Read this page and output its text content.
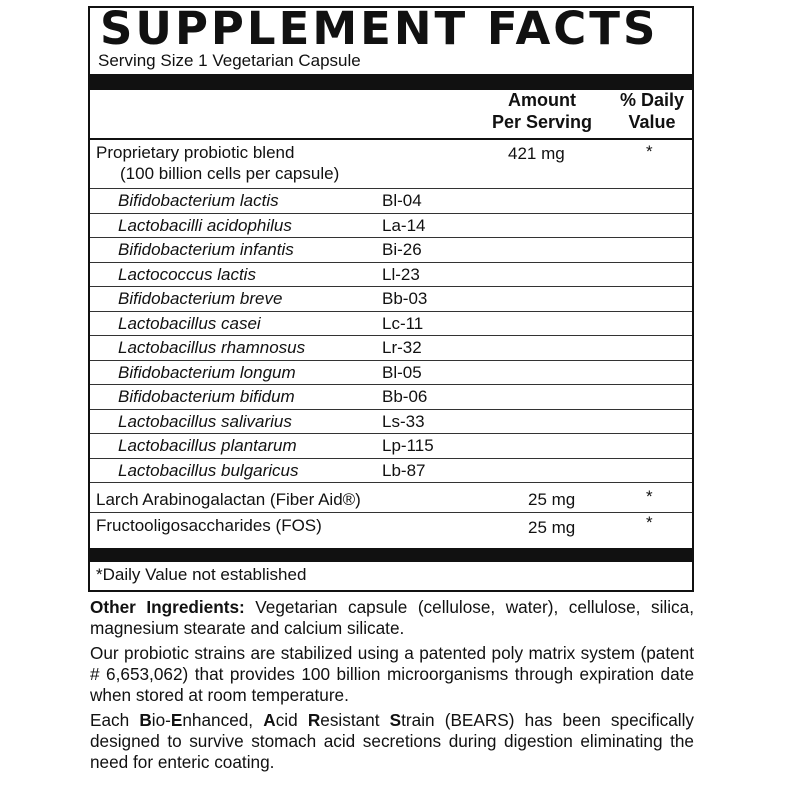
SUPPLEMENT FACTS
Serving Size 1 Vegetarian Capsule
Amount
Per Serving
% Daily
Value
Proprietary probiotic blend
(100 billion cells per capsule)
421 mg	*
Bifidobacterium lactis	Bl-04
Lactobacilli acidophilus	La-14
Bifidobacterium infantis	Bi-26
Lactococcus lactis	Ll-23
Bifidobacterium breve	Bb-03
Lactobacillus casei	Lc-11
Lactobacillus rhamnosus	Lr-32
Bifidobacterium longum	Bl-05
Bifidobacterium bifidum	Bb-06
Lactobacillus salivarius	Ls-33
Lactobacillus plantarum	Lp-115
Lactobacillus bulgaricus	Lb-87
Larch Arabinogalactan (Fiber Aid®)	25 mg	*
Fructooligosaccharides (FOS)	25 mg	*
*Daily Value not established

Other Ingredients: Vegetarian capsule (cellulose, water), cellulose, silica, magnesium stearate and calcium silicate.

Our probiotic strains are stabilized using a patented poly matrix system (patent # 6,653,062) that provides 100 billion microorganisms through expiration date when stored at room temperature.

Each Bio-Enhanced, Acid Resistant Strain (BEARS) has been specifically designed to survive stomach acid secretions during digestion eliminating the need for enteric coating.
